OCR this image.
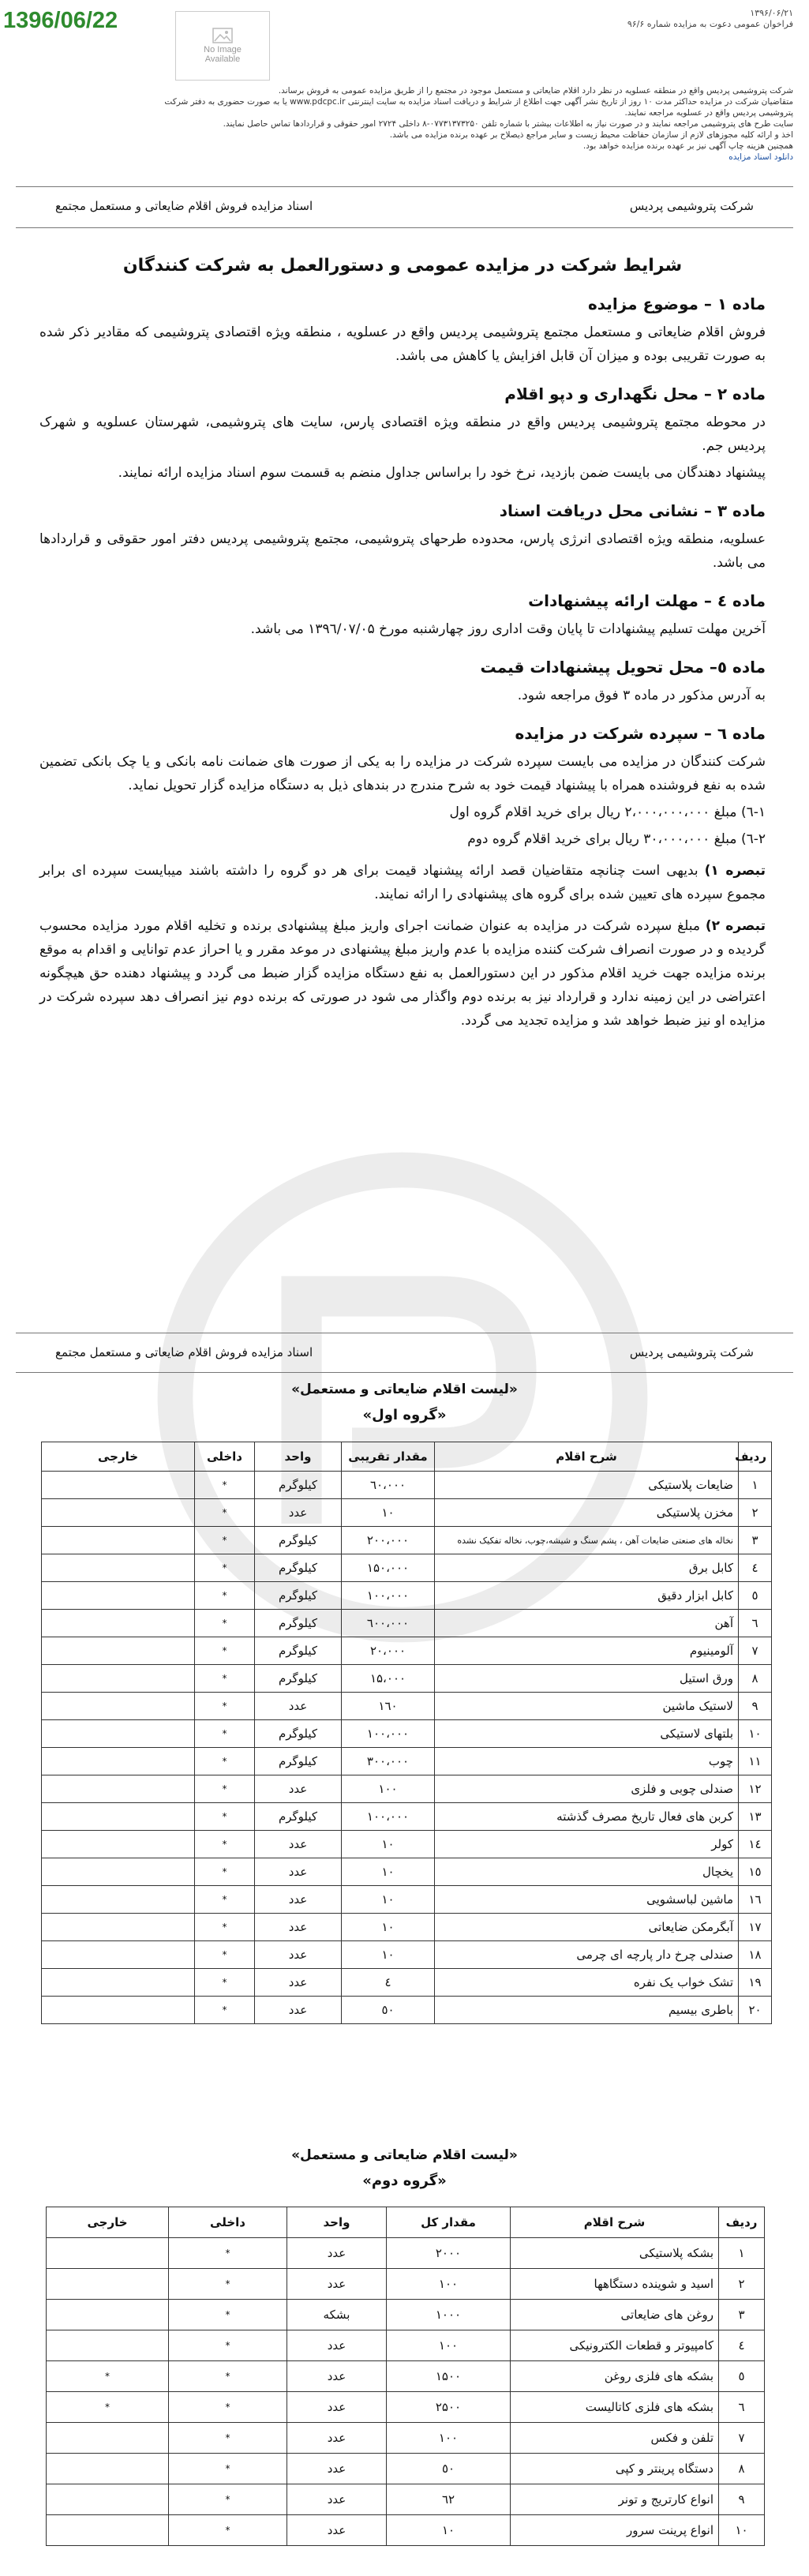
1396/06/22
No Image
Available
۱۳۹۶/۰۶/۲۱
فراخوان عمومی دعوت به مزایده شماره ۹۶/۶

شرکت پتروشیمی پردیس واقع در منطقه عسلویه در نظر دارد اقلام ضایعاتی و مستعمل موجود در مجتمع را از طریق مزایده عمومی به فروش برساند.

متقاضیان شرکت در مزایده حداکثر مدت ۱۰ روز از تاریخ نشر آگهی جهت اطلاع از شرایط و دریافت اسناد مزایده به سایت اینترنتی www.pdcpc.ir یا به صورت حضوری به دفتر شرکت پتروشیمی پردیس واقع در عسلویه مراجعه نمایند.

سایت طرح های پتروشیمی مراجعه نمایند و در صورت نیاز به اطلاعات بیشتر با شماره تلفن ۰۷۷۳۱۳۷۳۲۵۰-۸ داخلی ۲۷۲۴ امور حقوقی و قراردادها تماس حاصل نمایند.

اخذ و ارائه کلیه مجوزهای لازم از سازمان حفاظت محیط زیست و سایر مراجع ذیصلاح بر عهده برنده مزایده می باشد.

همچنین هزینه چاپ آگهی نیز بر عهده برنده مزایده خواهد بود.

دانلود اسناد مزایده

شرکت پتروشیمی پردیس
اسناد مزایده فروش اقلام ضایعاتی و مستعمل مجتمع
شرایط شرکت در مزایده عمومی و دستورالعمل به شرکت کنندگان
ماده ۱ – موضوع مزایده

فروش اقلام ضایعاتی و مستعمل مجتمع پتروشیمی پردیس واقع در عسلویه ، منطقه ویژه اقتصادی پتروشیمی که مقادیر ذکر شده به صورت تقریبی بوده و میزان آن قابل افزایش یا کاهش می باشد.

ماده ۲ – محل نگهداری و دپو اقلام

در محوطه مجتمع پتروشیمی پردیس واقع در منطقه ویژه اقتصادی پارس، سایت های پتروشیمی، شهرستان عسلویه و شهرک پردیس جم.

پیشنهاد دهندگان می بایست ضمن بازدید، نرخ خود را براساس جداول منضم به قسمت سوم اسناد مزایده ارائه نمایند.

ماده ۳ – نشانی محل دریافت اسناد

عسلویه، منطقه ویژه اقتصادی انرژی پارس، محدوده طرحهای پتروشیمی، مجتمع پتروشیمی پردیس دفتر امور حقوقی و قراردادها می باشد.

ماده ٤ – مهلت ارائه پیشنهادات

آخرین مهلت تسلیم پیشنهادات تا پایان وقت اداری روز چهارشنبه مورخ ۱۳۹٦/۰۷/۰۵ می باشد.

ماده ٥– محل تحویل پیشنهادات قیمت

به آدرس مذکور در ماده ۳ فوق مراجعه شود.

ماده ٦ – سپرده شرکت در مزایده

شرکت کنندگان در مزایده می بایست سپرده شرکت در مزایده را به یکی از صورت های ضمانت نامه بانکی و یا چک بانکی تضمین شده به نفع فروشنده همراه با پیشنهاد قیمت خود به شرح مندرج در بندهای ذیل به دستگاه مزایده گزار تحویل نماید.

۱-٦) مبلغ ۲،۰۰۰،۰۰۰،۰۰۰ ریال برای خرید اقلام گروه اول

۲-٦) مبلغ ۳۰،۰۰۰،۰۰۰ ریال برای خرید اقلام گروه دوم

تبصره ۱) بدیهی است چنانچه متقاضیان قصد ارائه پیشنهاد قیمت برای هر دو گروه را داشته باشند میبایست سپرده ای برابر مجموع سپرده های تعیین شده برای گروه های پیشنهادی را ارائه نمایند.

تبصره ۲) مبلغ سپرده شرکت در مزایده به عنوان ضمانت اجرای واریز مبلغ پیشنهادی برنده و تخلیه اقلام مورد مزایده محسوب گردیده و در صورت انصراف شرکت کننده مزایده با عدم واریز مبلغ پیشنهادی در موعد مقرر و یا احراز عدم توانایی و اقدام به موقع برنده مزایده جهت خرید اقلام مذکور در این دستورالعمل به نفع دستگاه مزایده گزار ضبط می گردد و پیشنهاد دهنده حق هیچگونه اعتراضی در این زمینه ندارد و قرارداد نیز به برنده دوم واگذار می شود در صورتی که برنده دوم نیز انصراف دهد سپرده شرکت در مزایده او نیز ضبط خواهد شد و مزایده تجدید می گردد.

شرکت پتروشیمی پردیس
اسناد مزایده فروش اقلام ضایعاتی و مستعمل مجتمع
«لیست اقلام ضایعاتی و مستعمل»
«گروه اول»
ردیف	شرح اقلام	مقدار تقریبی	واحد	داخلی	خارجی
۱	ضایعات پلاستیکی	٦۰،۰۰۰	کیلوگرم	*	
۲	مخزن پلاستیکی	۱۰	عدد	*	
۳	نخاله های صنعتی ضایعات آهن ، پشم سنگ و شیشه،چوب، نخاله تفکیک نشده	۲۰۰،۰۰۰	کیلوگرم	*	
٤	کابل برق	۱۵۰،۰۰۰	کیلوگرم	*	
٥	کابل ابزار دقیق	۱۰۰،۰۰۰	کیلوگرم	*	
٦	آهن	٦۰۰،۰۰۰	کیلوگرم	*	
۷	آلومینیوم	۲۰،۰۰۰	کیلوگرم	*	
۸	ورق استیل	۱۵،۰۰۰	کیلوگرم	*	
۹	لاستیک ماشین	۱٦۰	عدد	*	
۱۰	بلتهای لاستیکی	۱۰۰،۰۰۰	کیلوگرم	*	
۱۱	چوب	۳۰۰،۰۰۰	کیلوگرم	*	
۱۲	صندلی چوبی و فلزی	۱۰۰	عدد	*	
۱۳	کربن های فعال تاریخ مصرف گذشته	۱۰۰،۰۰۰	کیلوگرم	*	
۱٤	کولر	۱۰	عدد	*	
۱٥	یخچال	۱۰	عدد	*	
۱٦	ماشین لباسشویی	۱۰	عدد	*	
۱۷	آبگرمکن ضایعاتی	۱۰	عدد	*	
۱۸	صندلی چرخ دار پارچه ای چرمی	۱۰	عدد	*	
۱۹	تشک خواب یک نفره	٤	عدد	*	
۲۰	باطری بیسیم	٥۰	عدد	*	
«لیست اقلام ضایعاتی و مستعمل»
«گروه دوم»
ردیف	شرح اقلام	مقدار کل	واحد	داخلی	خارجی
۱	بشکه پلاستیکی	۲۰۰۰	عدد	*	
۲	اسید و شوینده دستگاهها	۱۰۰	عدد	*	
۳	روغن های ضایعاتی	۱۰۰۰	بشکه	*	
٤	کامپیوتر و قطعات الکترونیکی	۱۰۰	عدد	*	
٥	بشکه های فلزی روغن	۱۵۰۰	عدد	*	*
٦	بشکه های فلزی کاتالیست	۲۵۰۰	عدد	*	*
۷	تلفن و فکس	۱۰۰	عدد	*	
۸	دستگاه پرینتر و کپی	٥۰	عدد	*	
۹	انواع کارتریج و تونر	٦۲	عدد	*	
۱۰	انواع پرینت سرور	۱۰	عدد	*	
